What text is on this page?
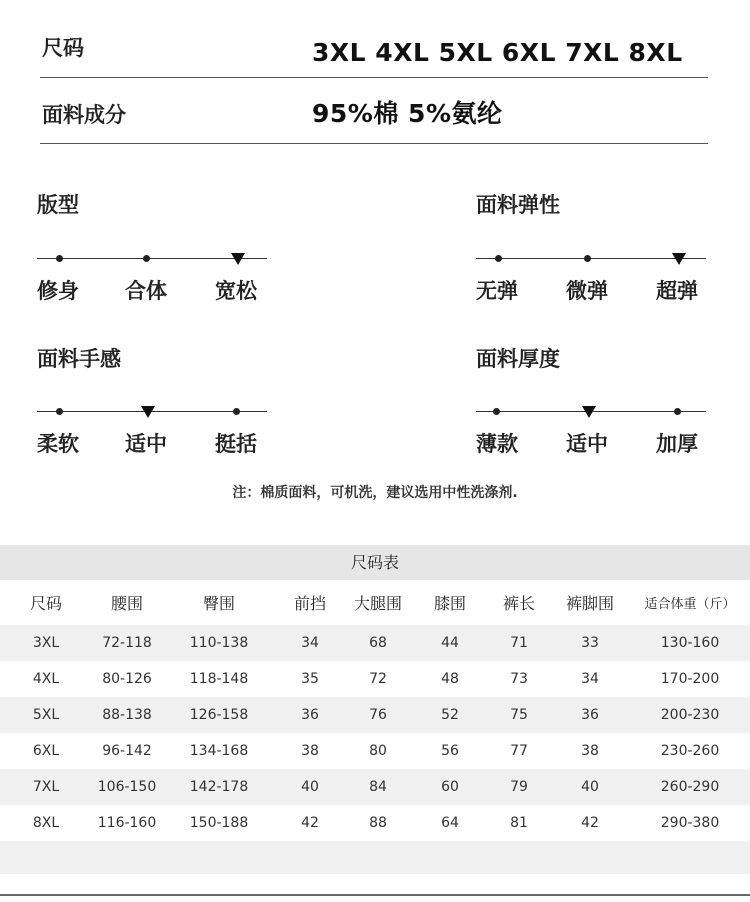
尺码	3XL 4XL 5XL 6XL 7XL 8XL
面料成分	95%棉 5%氨纶
版型
修身 合体 宽松
面料弹性
无弹 微弹 超弹
面料手感
柔软 适中 挺括
面料厚度
薄款 适中 加厚
注：棉质面料，可机洗，建议选用中性洗涤剂.
尺码表
尺码	腰围	臀围	前挡	大腿围	膝围	裤长	裤脚围	适合体重（斤）
3XL	72-118	110-138	34	68	44	71	33	130-160
4XL	80-126	118-148	35	72	48	73	34	170-200
5XL	88-138	126-158	36	76	52	75	36	200-230
6XL	96-142	134-168	38	80	56	77	38	230-260
7XL	106-150	142-178	40	84	60	79	40	260-290
8XL	116-160	150-188	42	88	64	81	42	290-380
